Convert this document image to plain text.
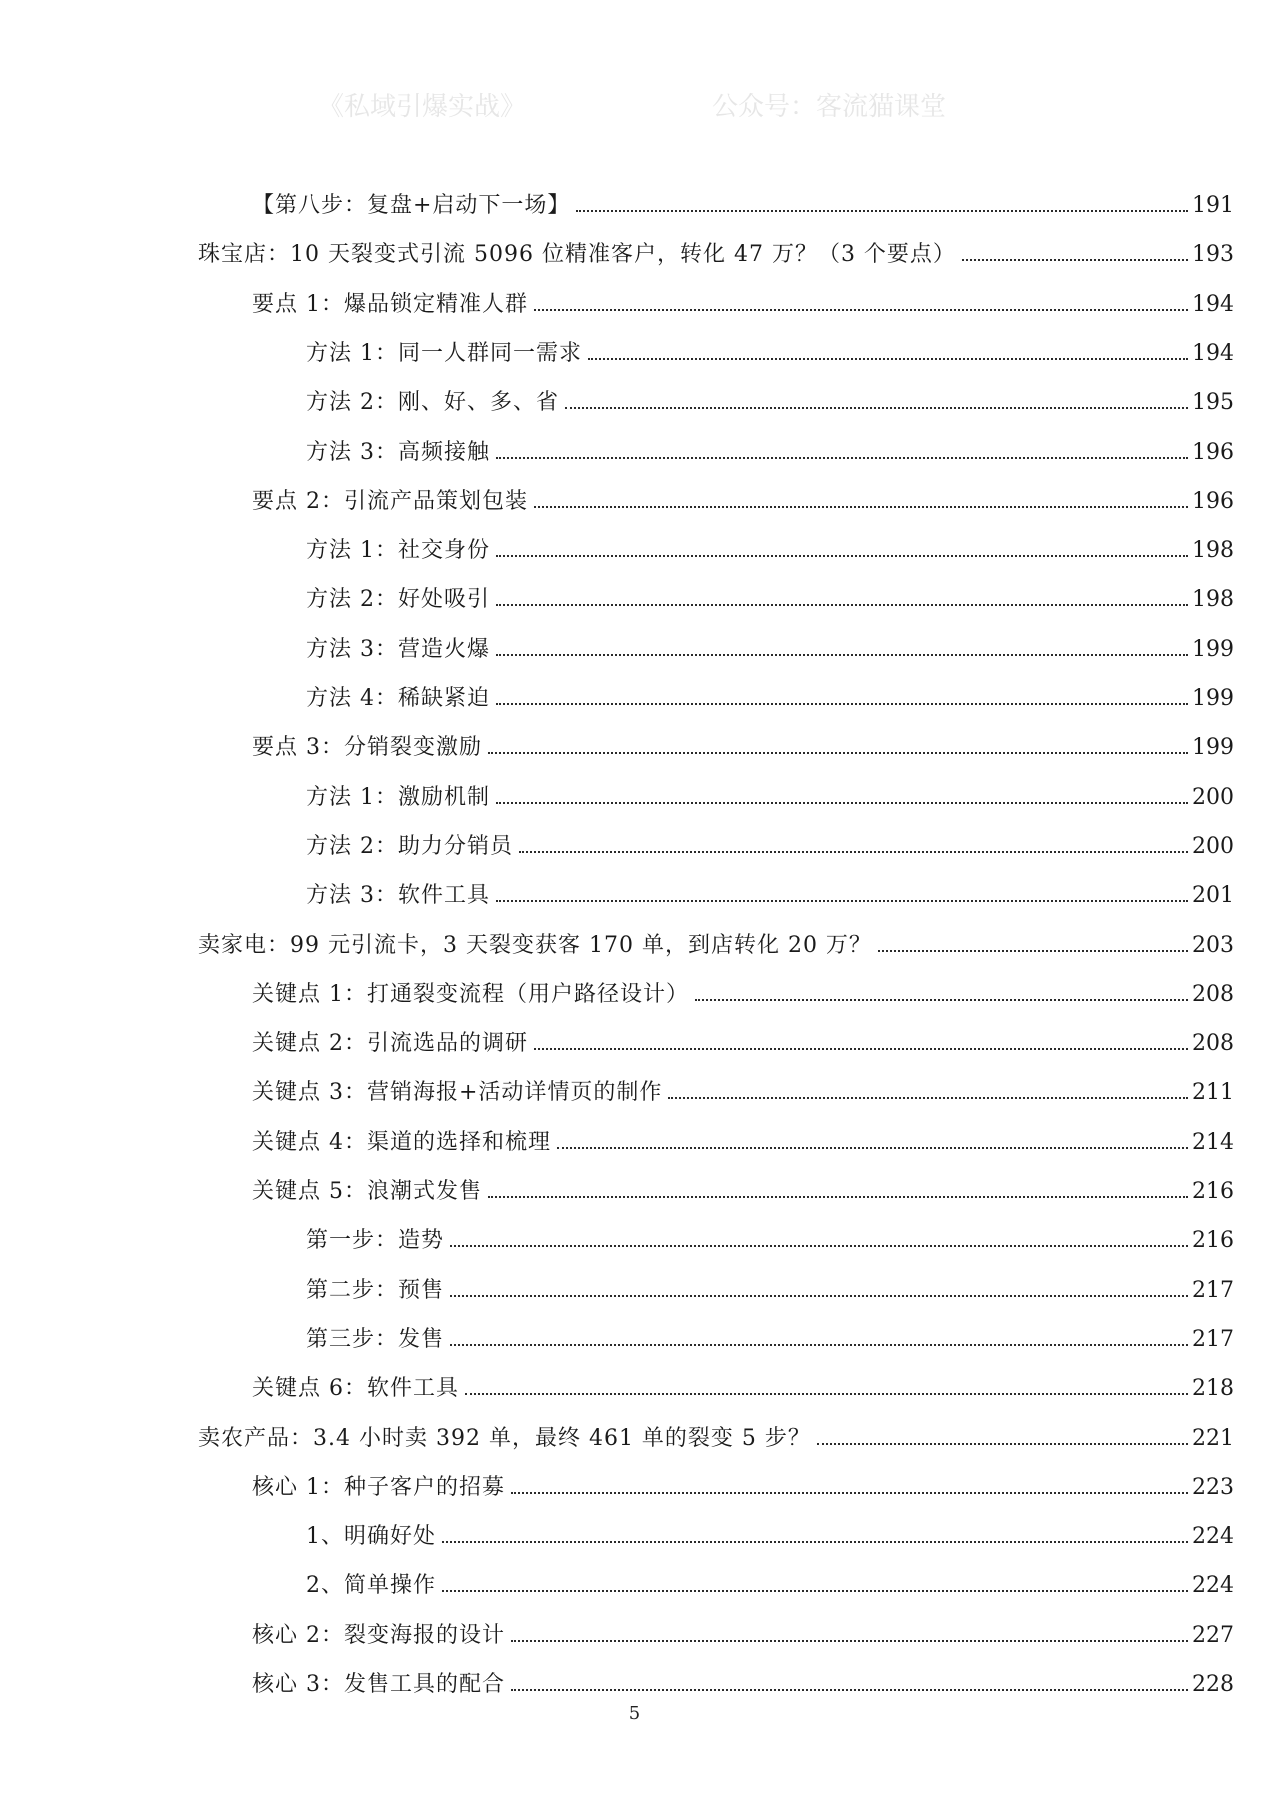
《私域引爆实战》	公众号：客流猫课堂
【第八步：复盘+启动下一场】	191
珠宝店：10 天裂变式引流 5096 位精准客户，转化 47 万？（3 个要点）	193
要点 1：爆品锁定精准人群	194
方法 1：同一人群同一需求	194
方法 2：刚、好、多、省	195
方法 3：高频接触	196
要点 2：引流产品策划包装	196
方法 1：社交身份	198
方法 2：好处吸引	198
方法 3：营造火爆	199
方法 4：稀缺紧迫	199
要点 3：分销裂变激励	199
方法 1：激励机制	200
方法 2：助力分销员	200
方法 3：软件工具	201
卖家电：99 元引流卡，3 天裂变获客 170 单，到店转化 20 万？	203
关键点 1：打通裂变流程（用户路径设计）	208
关键点 2：引流选品的调研	208
关键点 3：营销海报+活动详情页的制作	211
关键点 4：渠道的选择和梳理	214
关键点 5：浪潮式发售	216
第一步：造势	216
第二步：预售	217
第三步：发售	217
关键点 6：软件工具	218
卖农产品：3.4 小时卖 392 单，最终 461 单的裂变 5 步？	221
核心 1：种子客户的招募	223
1、明确好处	224
2、简单操作	224
核心 2：裂变海报的设计	227
核心 3：发售工具的配合	228
5
